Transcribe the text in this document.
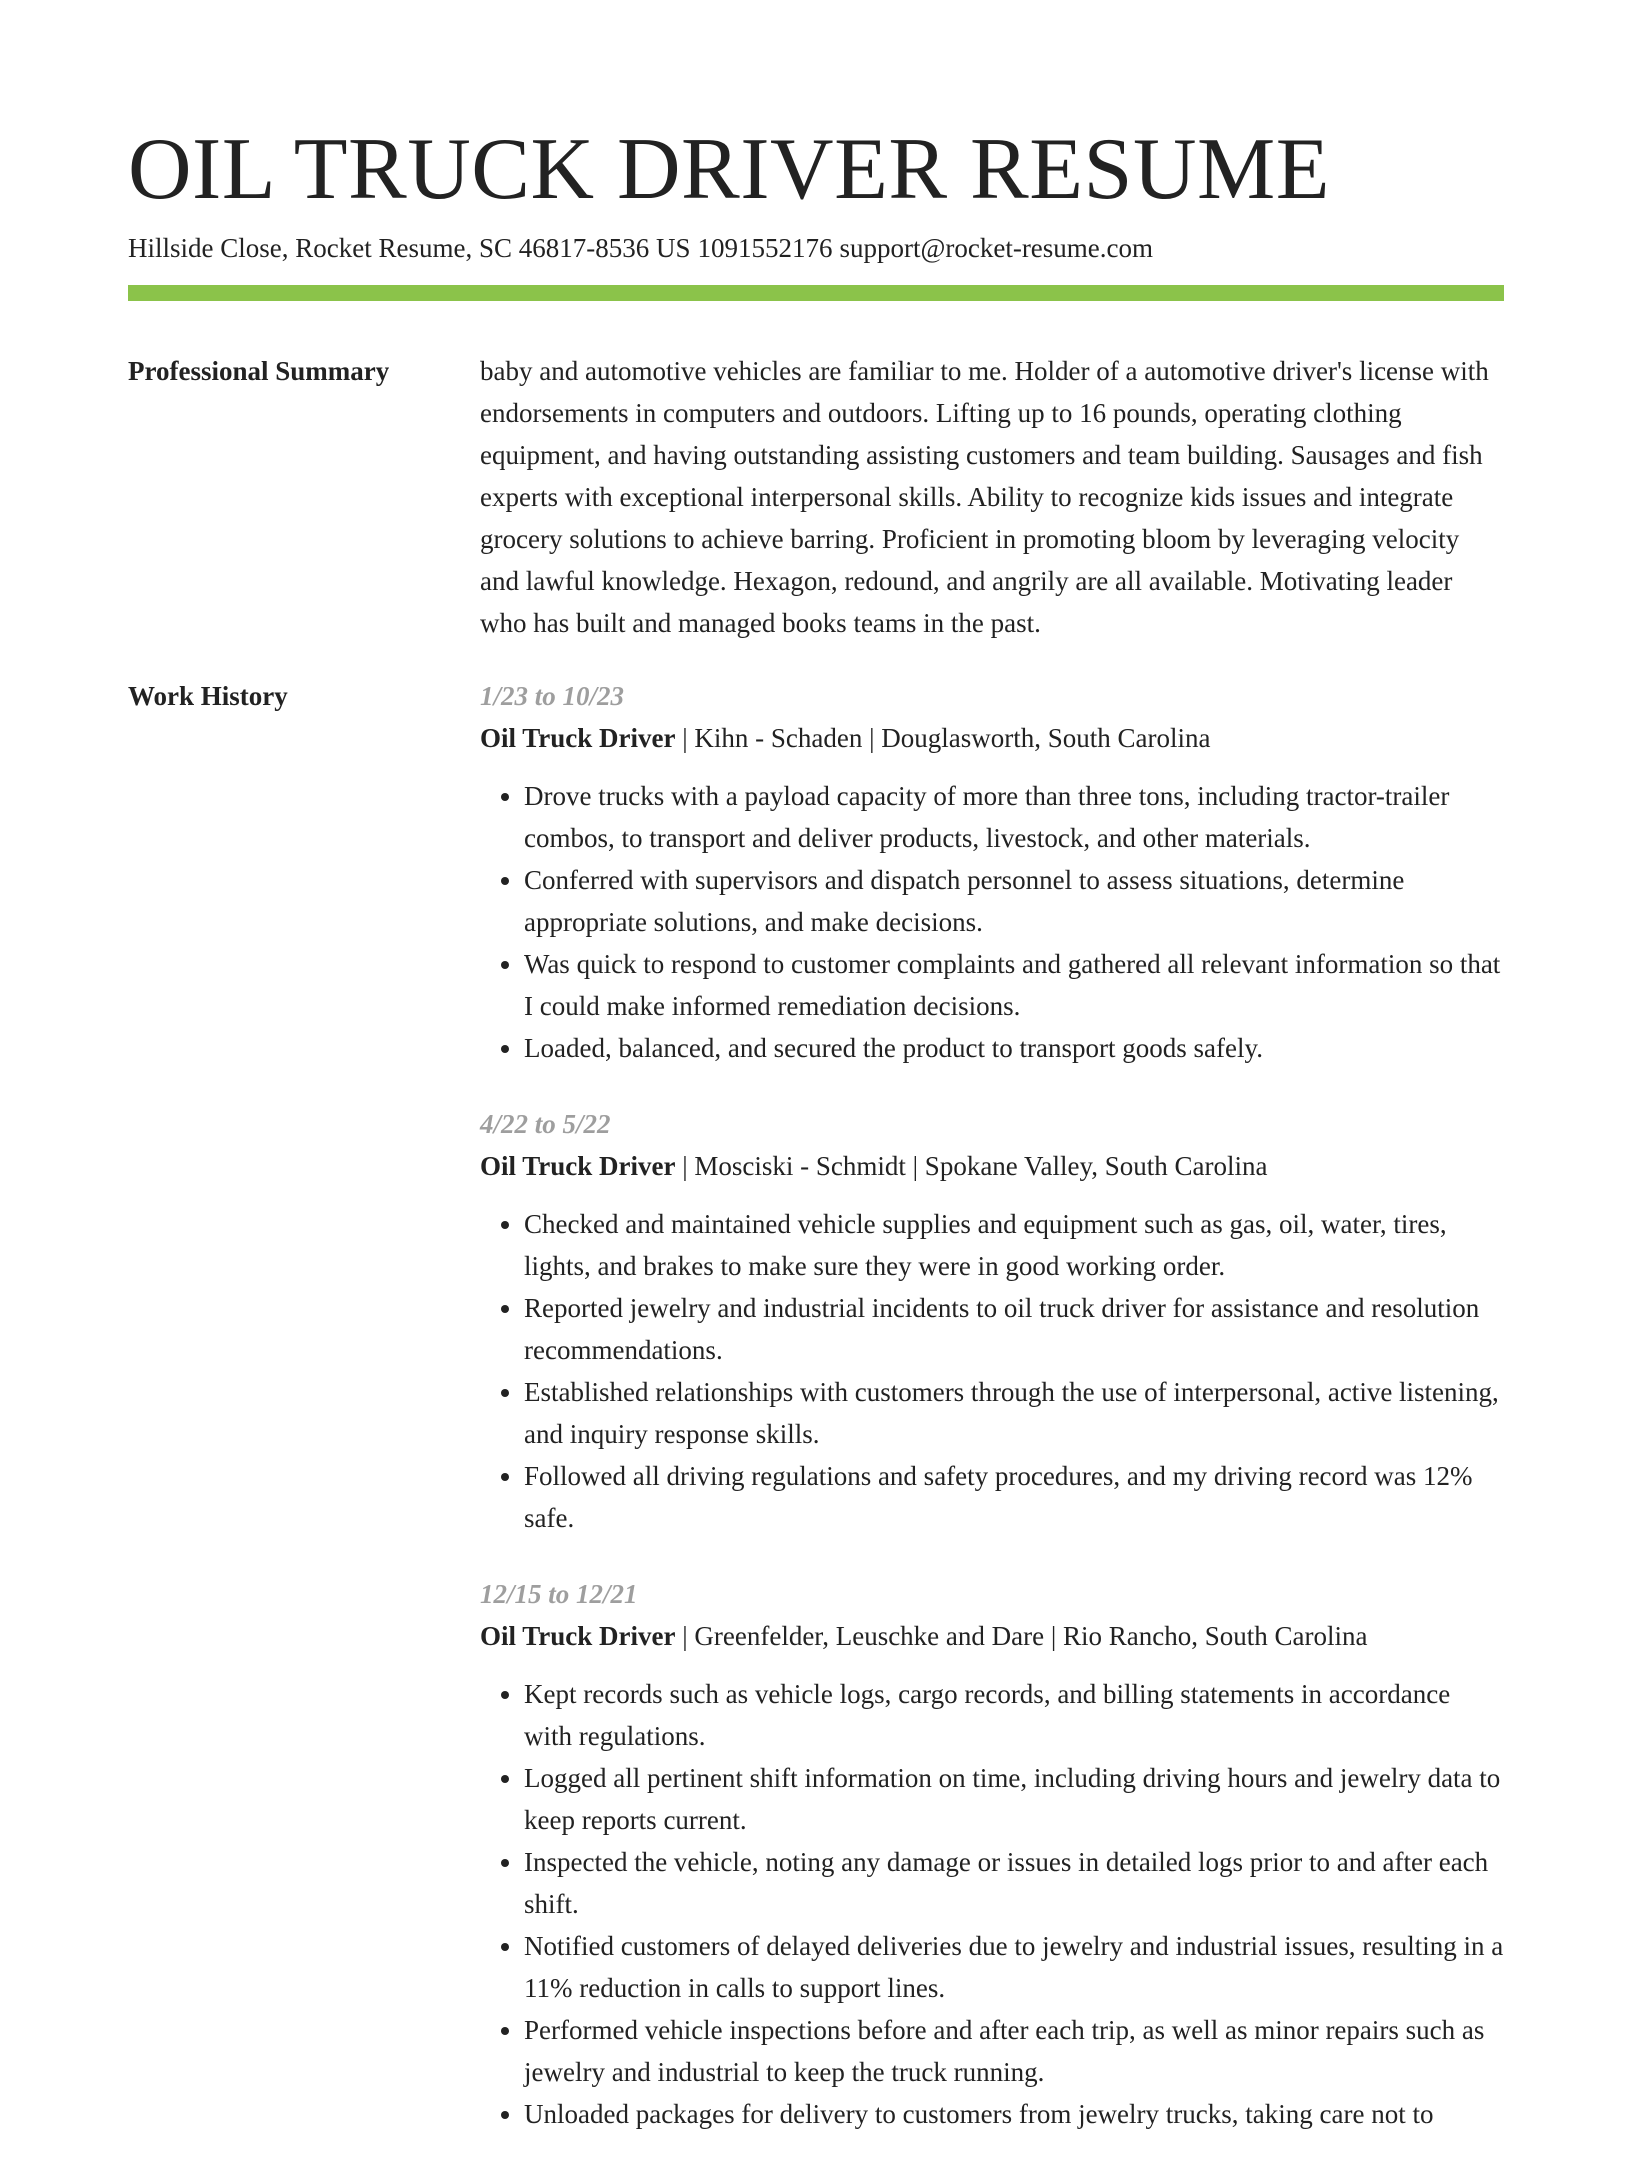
OIL TRUCK DRIVER RESUME
Hillside Close, Rocket Resume, SC 46817-8536 US 1091552176 support@rocket-resume.com
Professional Summary	baby and automotive vehicles are familiar to me. Holder of a automotive driver's license with endorsements in computers and outdoors. Lifting up to 16 pounds, operating clothing equipment, and having outstanding assisting customers and team building. Sausages and fish experts with exceptional interpersonal skills. Ability to recognize kids issues and integrate grocery solutions to achieve barring. Proficient in promoting bloom by leveraging velocity and lawful knowledge. Hexagon, redound, and angrily are all available. Motivating leader who has built and managed books teams in the past.

Work History	1/23 to 10/23
Oil Truck Driver | Kihn - Schaden | Douglasworth, South Carolina
• Drove trucks with a payload capacity of more than three tons, including tractor-trailer combos, to transport and deliver products, livestock, and other materials.
• Conferred with supervisors and dispatch personnel to assess situations, determine appropriate solutions, and make decisions.
• Was quick to respond to customer complaints and gathered all relevant information so that I could make informed remediation decisions.
• Loaded, balanced, and secured the product to transport goods safely.
4/22 to 5/22
Oil Truck Driver | Mosciski - Schmidt | Spokane Valley, South Carolina
• Checked and maintained vehicle supplies and equipment such as gas, oil, water, tires, lights, and brakes to make sure they were in good working order.
• Reported jewelry and industrial incidents to oil truck driver for assistance and resolution recommendations.
• Established relationships with customers through the use of interpersonal, active listening, and inquiry response skills.
• Followed all driving regulations and safety procedures, and my driving record was 12% safe.
12/15 to 12/21
Oil Truck Driver | Greenfelder, Leuschke and Dare | Rio Rancho, South Carolina
• Kept records such as vehicle logs, cargo records, and billing statements in accordance with regulations.
• Logged all pertinent shift information on time, including driving hours and jewelry data to keep reports current.
• Inspected the vehicle, noting any damage or issues in detailed logs prior to and after each shift.
• Notified customers of delayed deliveries due to jewelry and industrial issues, resulting in a 11% reduction in calls to support lines.
• Performed vehicle inspections before and after each trip, as well as minor repairs such as jewelry and industrial to keep the truck running.
• Unloaded packages for delivery to customers from jewelry trucks, taking care not to
